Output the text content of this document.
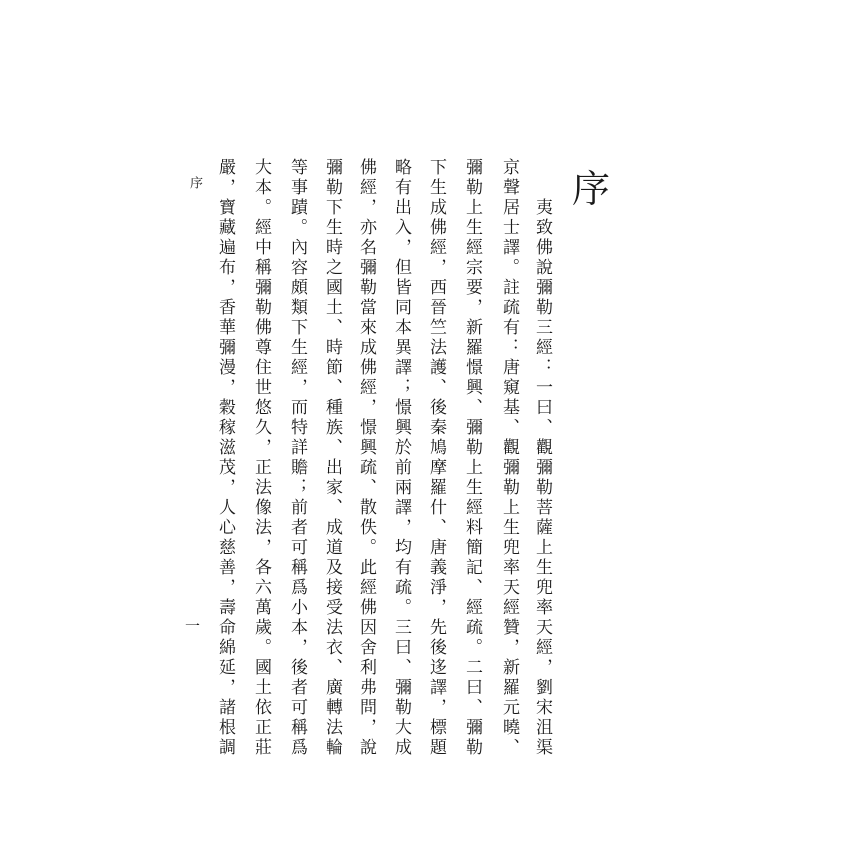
序
夷致佛說彌勒三經：一曰、觀彌勒菩薩上生兜率天經，劉宋沮渠
京聲居士譯。註疏有：唐窺基、觀彌勒上生兜率天經贊，新羅元曉、
彌勒上生經宗要，新羅憬興、彌勒上生經料簡記、經疏。二曰、彌勒
下生成佛經，西晉竺法護、後秦鳩摩羅什、唐義淨，先後迻譯，標題
略有出入，但皆同本異譯；憬興於前兩譯，均有疏。三曰、彌勒大成
佛經，亦名彌勒當來成佛經，憬興疏、散佚。此經佛因舍利弗問，說
彌勒下生時之國土、時節、種族、出家、成道及接受法衣、廣轉法輪
等事蹟。內容頗類下生經，而特詳贍；前者可稱爲小本，後者可稱爲
大本。經中稱彌勒佛尊住世悠久，正法像法，各六萬歲。國土依正莊
嚴，寶藏遍布，香華彌漫，穀稼滋茂，人心慈善，壽命綿延，諸根調
序
一
